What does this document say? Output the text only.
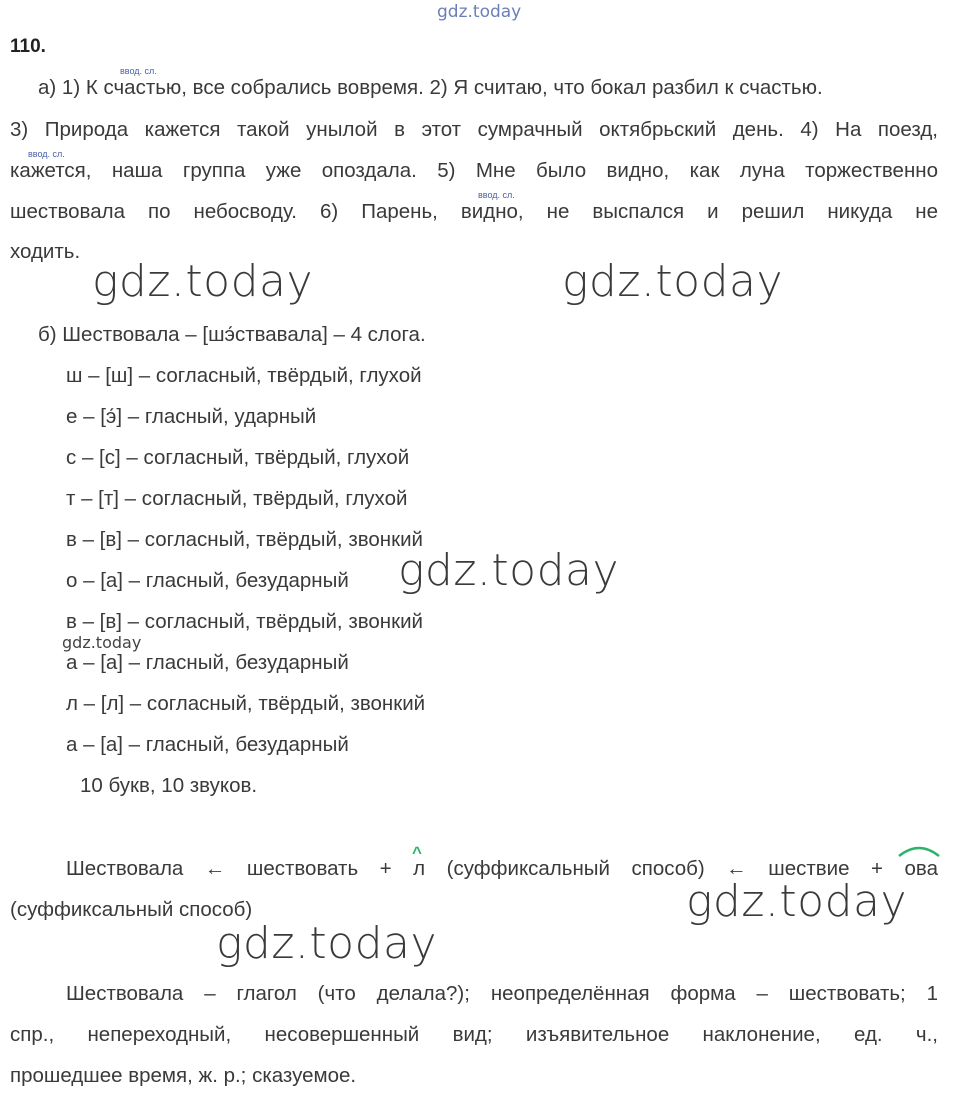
gdz.today
110.
ввод. сл.
ввод. сл.
ввод. сл.
а) 1) К счастью, все собрались вовремя. 2) Я считаю, что бокал разбил к счастью.
3) Природа кажется такой унылой в этот сумрачный октябрьский день. 4) На поезд,
кажется, наша группа уже опоздала. 5) Мне было видно, как луна торжественно
шествовала по небосводу. 6) Парень, видно, не выспался и решил никуда не
ходить.
gdz.today	gdz.today
б) Шествовала – [шэ́ствавала] – 4 слога.
ш – [ш] – согласный, твёрдый, глухой
е – [э́] – гласный, ударный
с – [с] – согласный, твёрдый, глухой
т – [т] – согласный, твёрдый, глухой
в – [в] – согласный, твёрдый, звонкий
о – [а] – гласный, безударный
в – [в] – согласный, твёрдый, звонкий
а – [а] – гласный, безударный
л – [л] – согласный, твёрдый, звонкий
а – [а] – гласный, безударный
gdz.today
gdz.today
10 букв, 10 звуков.
^
Шествовала ← шествовать + л (суффиксальный способ) ← шествие + ова
(суффиксальный способ)	gdz.today
gdz.today
Шествовала – глагол (что делала?); неопределённая форма – шествовать; 1
спр., непереходный, несовершенный вид; изъявительное наклонение, ед. ч.,
прошедшее время, ж. р.; сказуемое.
